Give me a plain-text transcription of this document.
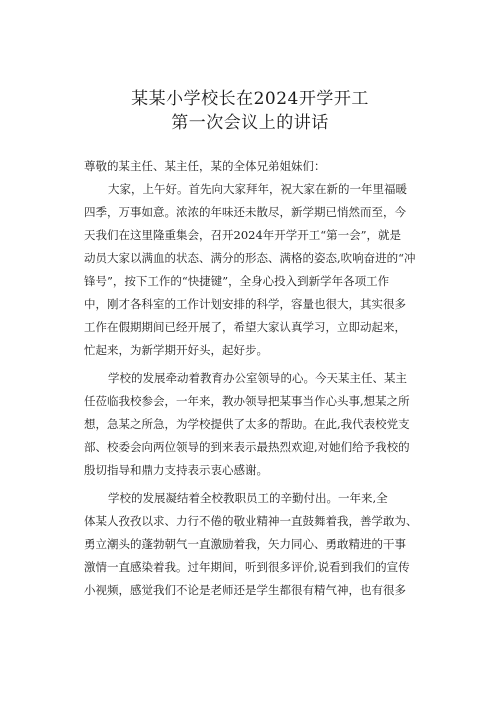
某某小学校长在2024开学开工
第一次会议上的讲话
尊敬的某主任、某主任，某的全体兄弟姐妹们：
大家，上午好。首先向大家拜年，祝大家在新的一年里福暖
四季，万事如意。浓浓的年味还未散尽，新学期已悄然而至，今
天我们在这里隆重集会，召开2024年开学开工“第一会”，就是
动员大家以满血的状态、满分的形态、满格的姿态,吹响奋进的“冲
锋号”，按下工作的“快捷键”，全身心投入到新学年各项工作
中，刚才各科室的工作计划安排的科学，容量也很大，其实很多
工作在假期期间已经开展了，希望大家认真学习，立即动起来，
忙起来，为新学期开好头，起好步。
学校的发展牵动着教育办公室领导的心。今天某主任、某主
任莅临我校参会，一年来，教办领导把某事当作心头事,想某之所
想，急某之所急，为学校提供了太多的帮助。在此,我代表校党支
部、校委会向两位领导的到来表示最热烈欢迎,对她们给予我校的
殷切指导和鼎力支持表示衷心感谢。
学校的发展凝结着全校教职员工的辛勤付出。一年来,全
体某人孜孜以求、力行不倦的敬业精神一直鼓舞着我，善学敢为、
勇立潮头的蓬勃朝气一直激励着我，矢力同心、勇敢精进的干事
激情一直感染着我。过年期间，听到很多评价,说看到我们的宣传
小视频，感觉我们不论是老师还是学生都很有精气神，也有很多
